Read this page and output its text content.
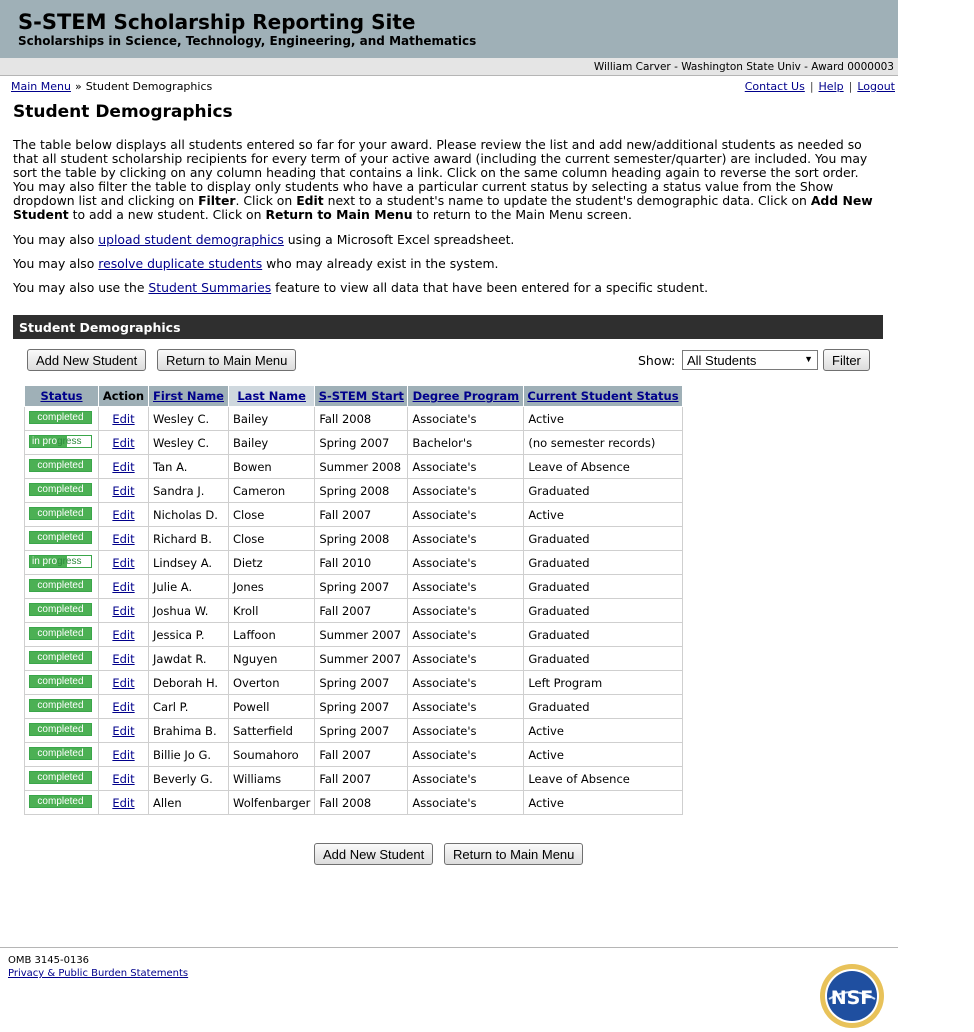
S-STEM Scholarship Reporting Site
Scholarships in Science, Technology, Engineering, and Mathematics
William Carver - Washington State Univ - Award 0000003
Main Menu » Student Demographics	Contact Us | Help | Logout
Student Demographics

The table below displays all students entered so far for your award. Please review the list and add new/additional students as needed so that all student scholarship recipients for every term of your active award (including the current semester/quarter) are included. You may sort the table by clicking on any column heading that contains a link. Click on the same column heading again to reverse the sort order. You may also filter the table to display only students who have a particular current status by selecting a status value from the Show dropdown list and clicking on Filter. Click on Edit next to a student's name to update the student's demographic data. Click on Add New Student to add a new student. Click on Return to Main Menu to return to the Main Menu screen.

You may also upload student demographics using a Microsoft Excel spreadsheet.

You may also resolve duplicate students who may already exist in the system.

You may also use the Student Summaries feature to view all data that have been entered for a specific student.

Student Demographics
Add New Student	Return to Main Menu	Show: All Students	▼	Filter
Status	Action	First Name	Last Name	S-STEM Start	Degree Program	Current Student Status
completed	Edit	Wesley C.	Bailey	Fall 2008	Associate's	Active
in progress	Edit	Wesley C.	Bailey	Spring 2007	Bachelor's	(no semester records)
completed	Edit	Tan A.	Bowen	Summer 2008	Associate's	Leave of Absence
completed	Edit	Sandra J.	Cameron	Spring 2008	Associate's	Graduated
completed	Edit	Nicholas D.	Close	Fall 2007	Associate's	Active
completed	Edit	Richard B.	Close	Spring 2008	Associate's	Graduated
in progress	Edit	Lindsey A.	Dietz	Fall 2010	Associate's	Graduated
completed	Edit	Julie A.	Jones	Spring 2007	Associate's	Graduated
completed	Edit	Joshua W.	Kroll	Fall 2007	Associate's	Graduated
completed	Edit	Jessica P.	Laffoon	Summer 2007	Associate's	Graduated
completed	Edit	Jawdat R.	Nguyen	Summer 2007	Associate's	Graduated
completed	Edit	Deborah H.	Overton	Spring 2007	Associate's	Left Program
completed	Edit	Carl P.	Powell	Spring 2007	Associate's	Graduated
completed	Edit	Brahima B.	Satterfield	Spring 2007	Associate's	Active
completed	Edit	Billie Jo G.	Soumahoro	Fall 2007	Associate's	Active
completed	Edit	Beverly G.	Williams	Fall 2007	Associate's	Leave of Absence
completed	Edit	Allen	Wolfenbarger	Fall 2008	Associate's	Active
Add New Student	Return to Main Menu
OMB 3145-0136
Privacy & Public Burden Statements
NSF
